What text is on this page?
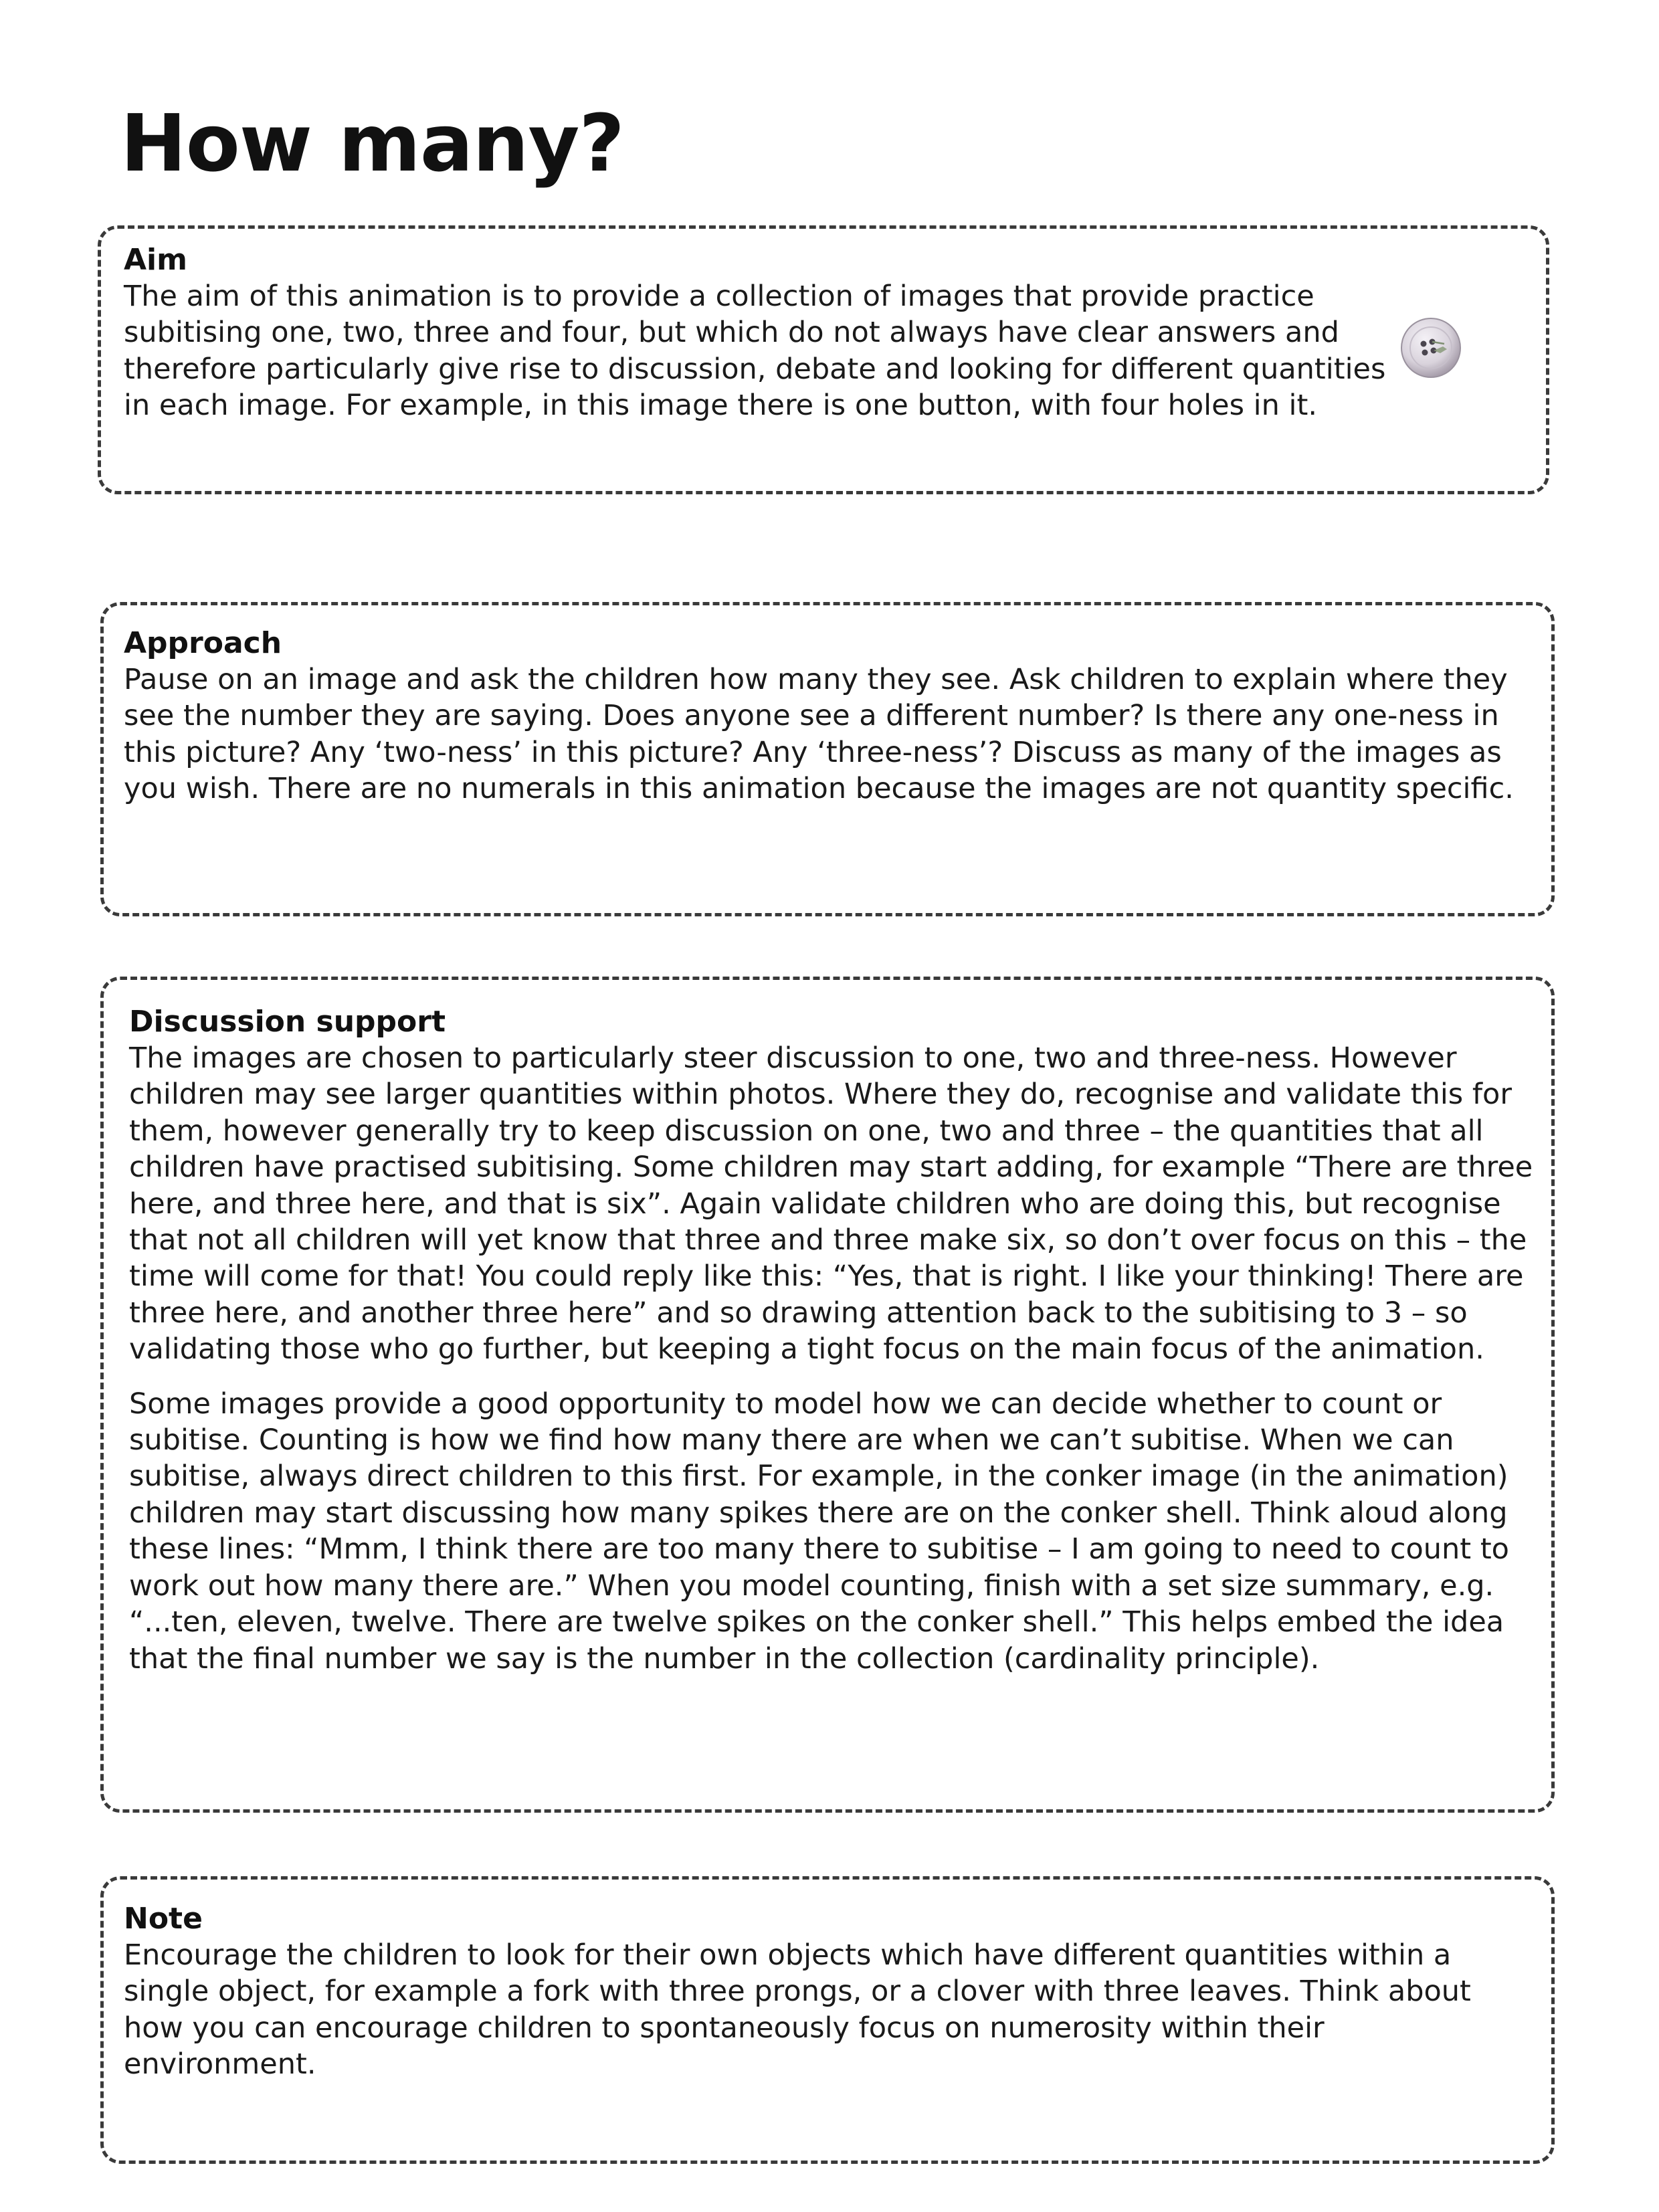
How many?
Aim

The aim of this animation is to provide a collection of images that provide practice subitising one, two, three and four, but which do not always have clear answers and therefore particularly give rise to discussion, debate and looking for different quantities in each image. For example, in this image there is one button, with four holes in it.

Approach

Pause on an image and ask the children how many they see. Ask children to explain where they see the number they are saying. Does anyone see a different number? Is there any one-ness in this picture? Any ‘two-ness’ in this picture? Any ‘three-ness’? Discuss as many of the images as you wish. There are no numerals in this animation because the images are not quantity specific.

Discussion support

The images are chosen to particularly steer discussion to one, two and three-ness. However children may see larger quantities within photos. Where they do, recognise and validate this for them, however generally try to keep discussion on one, two and three – the quantities that all children have practised subitising. Some children may start adding, for example “There are three here, and three here, and that is six”. Again validate children who are doing this, but recognise that not all children will yet know that three and three make six, so don’t over focus on this – the time will come for that! You could reply like this: “Yes, that is right. I like your thinking! There are three here, and another three here” and so drawing attention back to the subitising to 3 – so validating those who go further, but keeping a tight focus on the main focus of the animation.

Some images provide a good opportunity to model how we can decide whether to count or subitise. Counting is how we find how many there are when we can’t subitise. When we can subitise, always direct children to this first. For example, in the conker image (in the animation) children may start discussing how many spikes there are on the conker shell. Think aloud along these lines: “Mmm, I think there are too many there to subitise – I am going to need to count to work out how many there are.” When you model counting, finish with a set size summary, e.g. “...ten, eleven, twelve. There are twelve spikes on the conker shell.” This helps embed the idea that the final number we say is the number in the collection (cardinality principle).

Note

Encourage the children to look for their own objects which have different quantities within a single object, for example a fork with three prongs, or a clover with three leaves. Think about how you can encourage children to spontaneously focus on numerosity within their environment.
